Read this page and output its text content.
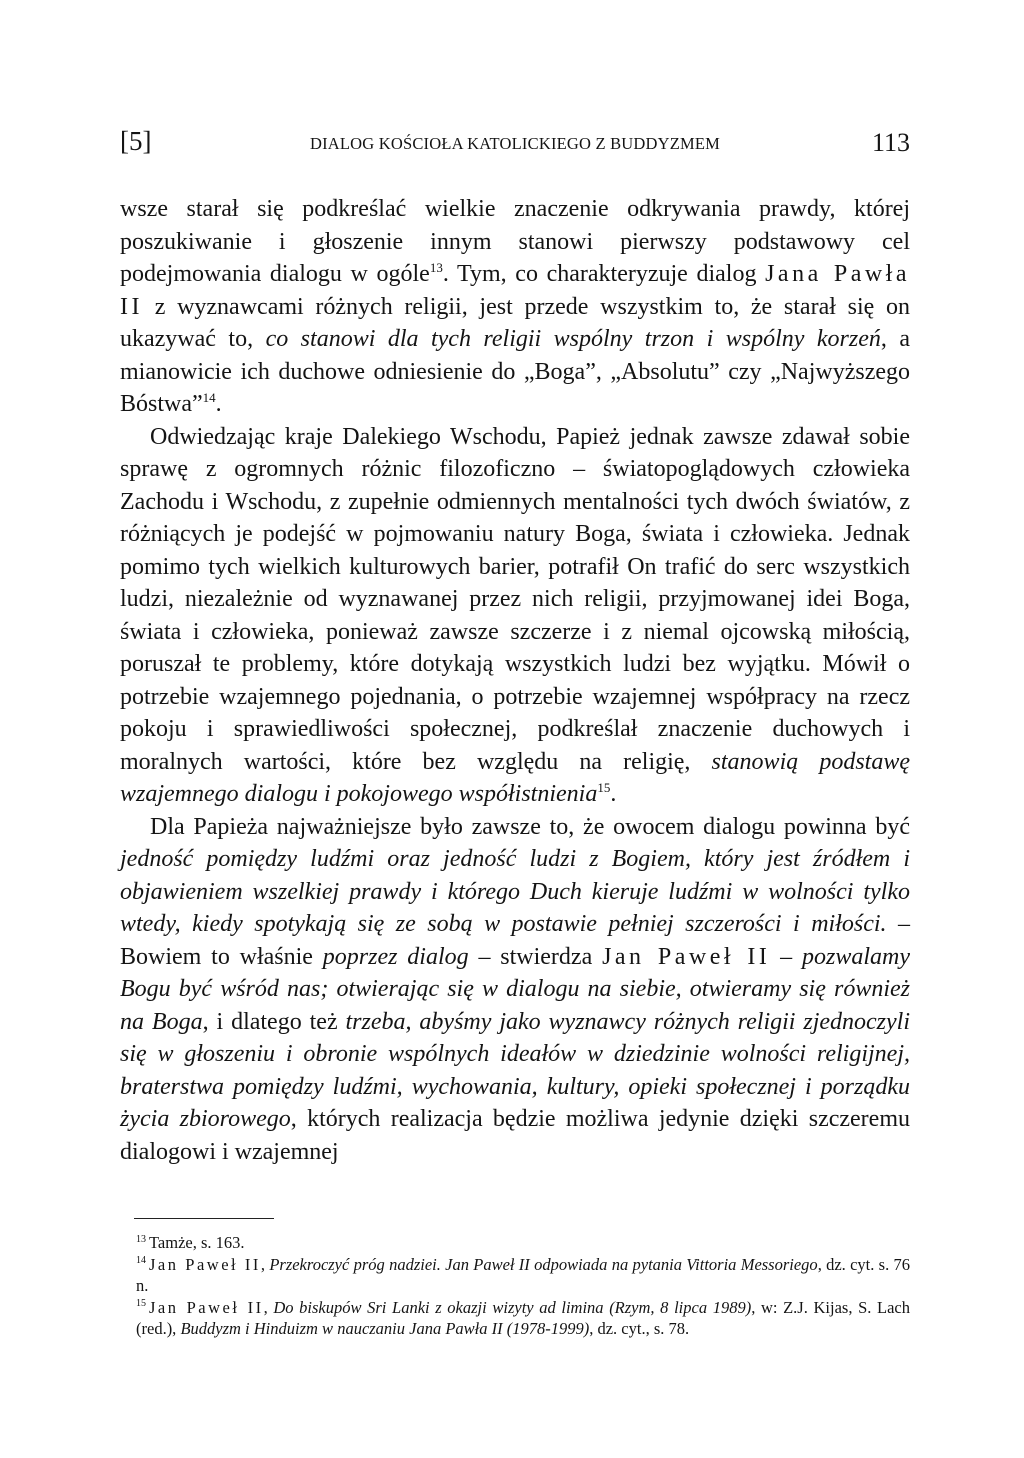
[5]	DIALOG KOŚCIOŁA KATOLICKIEGO Z BUDDYZMEM	113

wsze starał się podkreślać wielkie znaczenie odkrywania prawdy, której poszukiwanie i głoszenie innym stanowi pierwszy podstawowy cel podejmowania dialogu w ogóle$^{13}$. Tym, co charakteryzuje dialog Jana Pawła II z wyznawcami różnych religii, jest przede wszystkim to, że starał się on ukazywać to, co stanowi dla tych religii wspólny trzon i wspólny korzeń, a mianowicie ich duchowe odniesienie do „Boga”, „Absolutu” czy „Najwyższego Bóstwa”$^{14}$.

Odwiedzając kraje Dalekiego Wschodu, Papież jednak zawsze zdawał sobie sprawę z ogromnych różnic filozoficzno – światopoglądowych człowieka Zachodu i Wschodu, z zupełnie odmiennych mentalności tych dwóch światów, z różniących je podejść w pojmowaniu natury Boga, świata i człowieka. Jednak pomimo tych wielkich kulturowych barier, potrafił On trafić do serc wszystkich ludzi, niezależnie od wyznawanej przez nich religii, przyjmowanej idei Boga, świata i człowieka, ponieważ zawsze szczerze i z niemal ojcowską miłością, poruszał te problemy, które dotykają wszystkich ludzi bez wyjątku. Mówił o potrzebie wzajemnego pojednania, o potrzebie wzajemnej współpracy na rzecz pokoju i sprawiedliwości społecznej, podkreślał znaczenie duchowych i moralnych wartości, które bez względu na religię, stanowią podstawę wzajemnego dialogu i pokojowego współistnienia$^{15}$.

Dla Papieża najważniejsze było zawsze to, że owocem dialogu powinna być jedność pomiędzy ludźmi oraz jedność ludzi z Bogiem, który jest źródłem i objawieniem wszelkiej prawdy i którego Duch kieruje ludźmi w wolności tylko wtedy, kiedy spotykają się ze sobą w postawie pełniej szczerości i miłości. – Bowiem to właśnie poprzez dialog – stwierdza Jan Paweł II – pozwalamy Bogu być wśród nas; otwierając się w dialogu na siebie, otwieramy się również na Boga, i dlatego też trzeba, abyśmy jako wyznawcy różnych religii zjednoczyli się w głoszeniu i obronie wspólnych ideałów w dziedzinie wolności religijnej, braterstwa pomiędzy ludźmi, wychowania, kultury, opieki społecznej i porządku życia zbiorowego, których realizacja będzie możliwa jedynie dzięki szczeremu dialogowi i wzajemnej

$^{13}$ Tamże, s. 163.

$^{14}$ Jan Paweł II, Przekroczyć próg nadziei. Jan Paweł II odpowiada na pytania Vittoria Messoriego, dz. cyt. s. 76 n.

$^{15}$ Jan Paweł II, Do biskupów Sri Lanki z okazji wizyty ad limina (Rzym, 8 lipca 1989), w: Z.J. Kijas, S. Lach (red.), Buddyzm i Hinduizm w nauczaniu Jana Pawła II (1978-1999), dz. cyt., s. 78.
